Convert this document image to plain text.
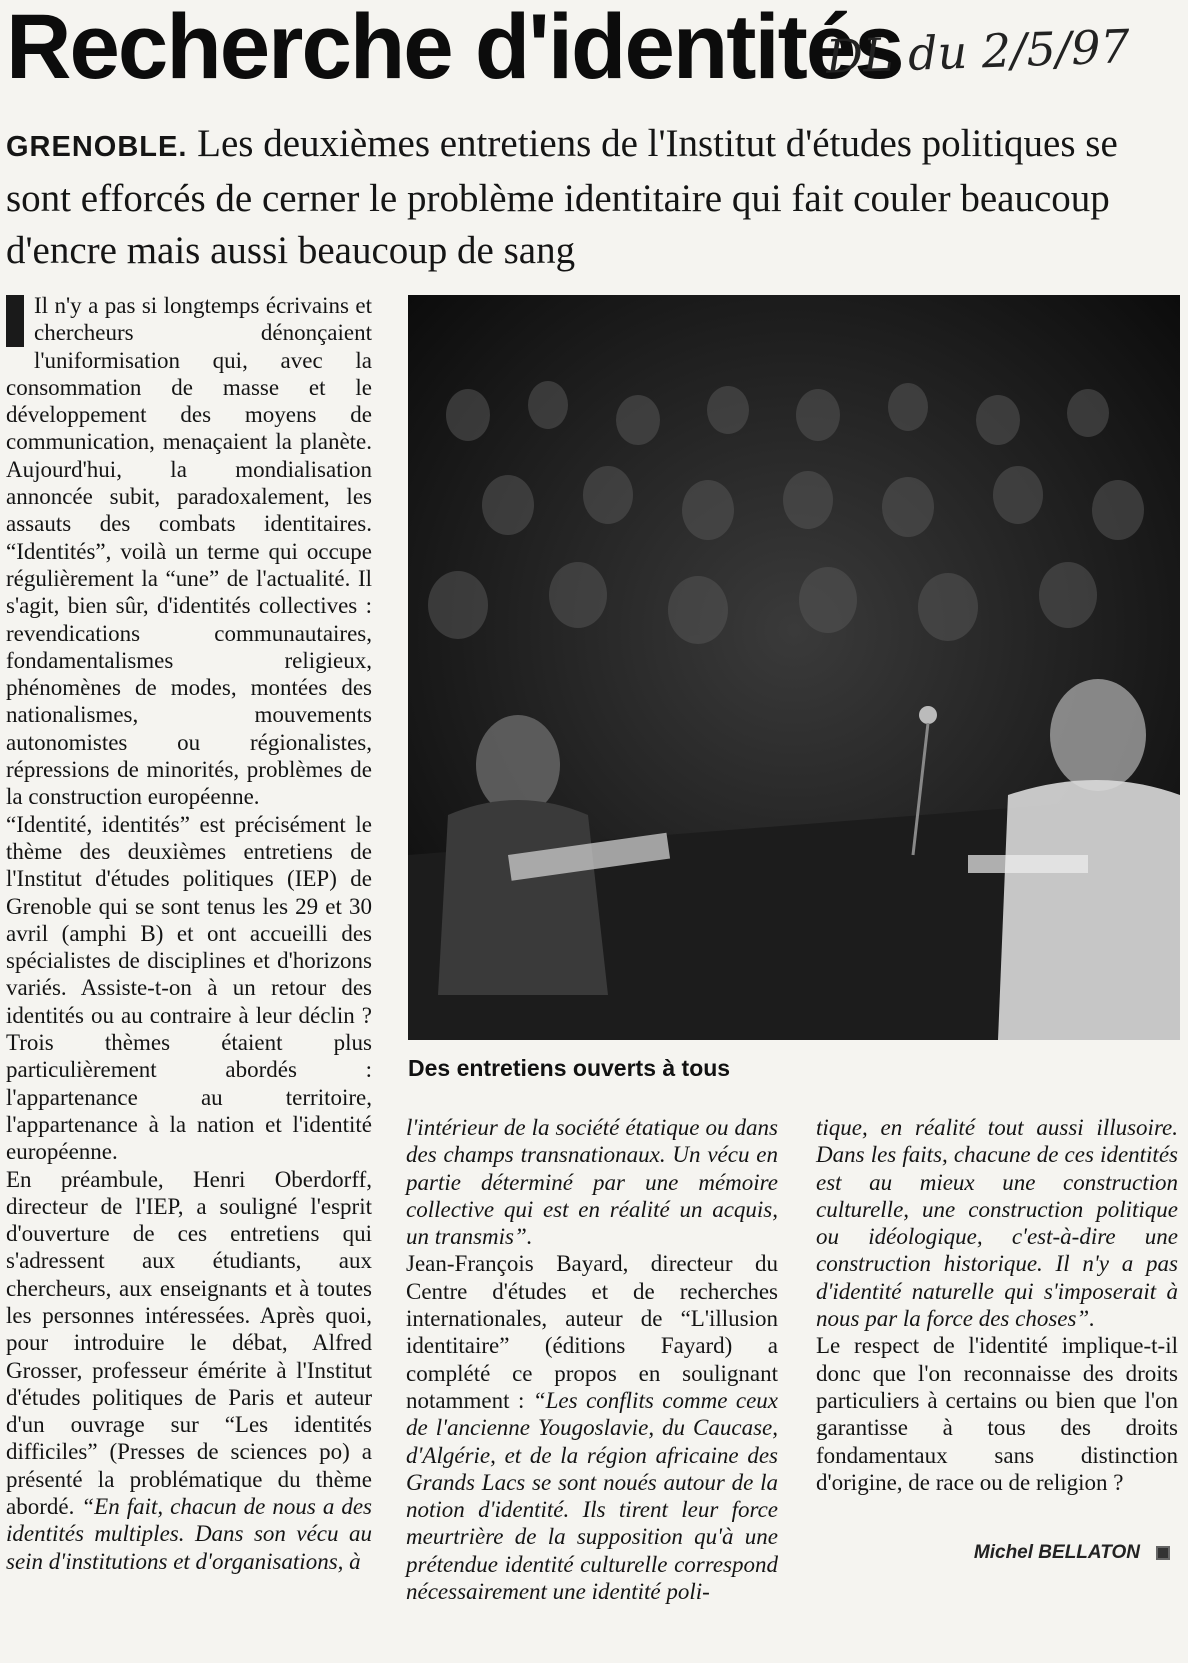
Recherche d'identités
DL du 2/5/97
GRENOBLE. Les deuxièmes entretiens de l'Institut d'études politiques se sont efforcés de cerner le problème identitaire qui fait couler beaucoup d'encre mais aussi beaucoup de sang

Il n'y a pas si longtemps écrivains et chercheurs dénonçaient l'uniformisation qui, avec la consommation de masse et le développement des moyens de communication, menaçaient la planète. Aujourd'hui, la mondialisation annoncée subit, paradoxalement, les assauts des combats identitaires. “Identités”, voilà un terme qui occupe régulièrement la “une” de l'actualité. Il s'agit, bien sûr, d'identités collectives : revendications communautaires, fondamentalismes religieux, phénomènes de modes, montées des nationalismes, mouvements autonomistes ou régionalistes, répressions de minorités, problèmes de la construction européenne.

“Identité, identités” est précisément le thème des deuxièmes entretiens de l'Institut d'études politiques (IEP) de Grenoble qui se sont tenus les 29 et 30 avril (amphi B) et ont accueilli des spécialistes de disciplines et d'horizons variés. Assiste-t-on à un retour des identités ou au contraire à leur déclin ? Trois thèmes étaient plus particulièrement abordés : l'appartenance au territoire, l'appartenance à la nation et l'identité européenne.

En préambule, Henri Oberdorff, directeur de l'IEP, a souligné l'esprit d'ouverture de ces entretiens qui s'adressent aux étudiants, aux chercheurs, aux enseignants et à toutes les personnes intéressées. Après quoi, pour introduire le débat, Alfred Grosser, professeur émérite à l'Institut d'études politiques de Paris et auteur d'un ouvrage sur “Les identités difficiles” (Presses de sciences po) a présenté la problématique du thème abordé. “En fait, chacun de nous a des identités multiples. Dans son vécu au sein d'institutions et d'organisations, à

Des entretiens ouverts à tous

l'intérieur de la société étatique ou dans des champs transnationaux. Un vécu en partie déterminé par une mémoire collective qui est en réalité un acquis, un transmis”.

Jean-François Bayard, directeur du Centre d'études et de recherches internationales, auteur de “L'illusion identitaire” (éditions Fayard) a complété ce propos en soulignant notamment : “Les conflits comme ceux de l'ancienne Yougoslavie, du Caucase, d'Algérie, et de la région africaine des Grands Lacs se sont noués autour de la notion d'identité. Ils tirent leur force meurtrière de la supposition qu'à une prétendue identité culturelle correspond nécessairement une identité poli-

tique, en réalité tout aussi illusoire. Dans les faits, chacune de ces identités est au mieux une construction culturelle, une construction politique ou idéologique, c'est-à-dire une construction historique. Il n'y a pas d'identité naturelle qui s'imposerait à nous par la force des choses”.

Le respect de l'identité implique-t-il donc que l'on reconnaisse des droits particuliers à certains ou bien que l'on garantisse à tous des droits fondamentaux sans distinction d'origine, de race ou de religion ?

Michel BELLATON
